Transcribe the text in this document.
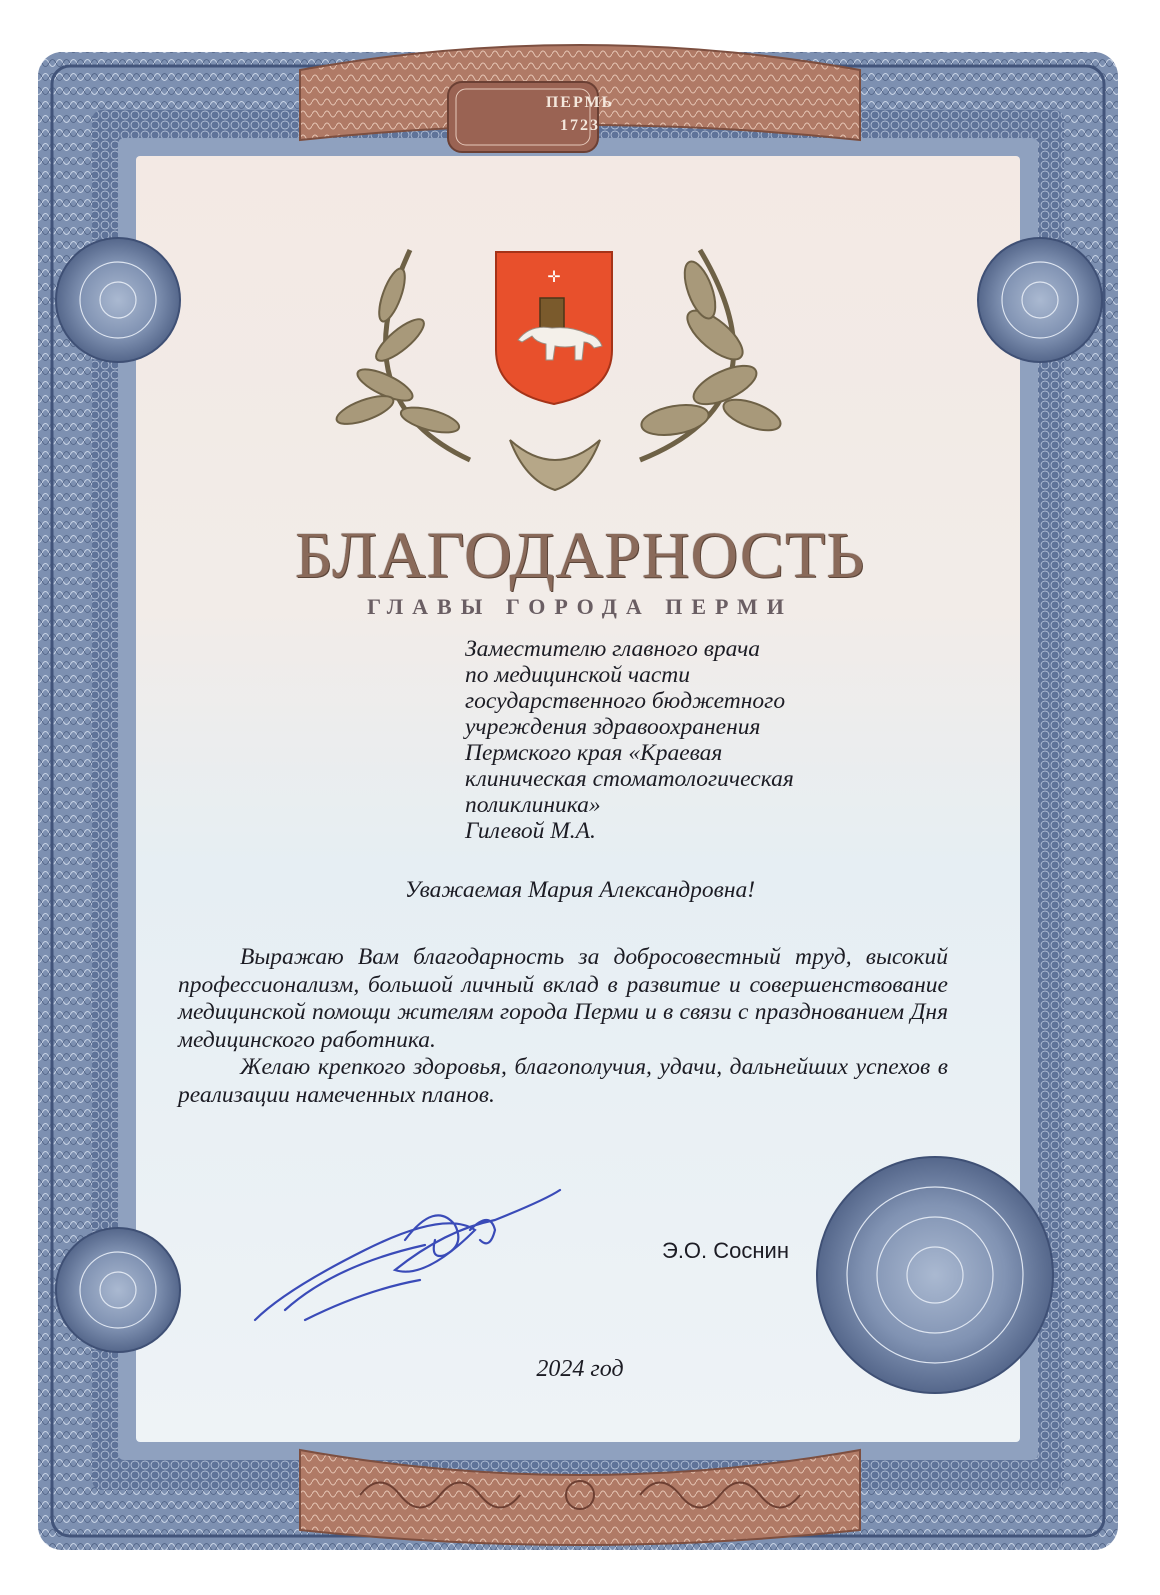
✛
ПЕРМЬ
1723
БЛАГОДАРНОСТЬ
ГЛАВЫ ГОРОДА ПЕРМИ
Заместителю главного врача
по медицинской части
государственного бюджетного
учреждения здравоохранения
Пермского края «Краевая
клиническая стоматологическая
поликлиника»
Гилевой М.А.
Уважаемая Мария Александровна!

Выражаю Вам благодарность за добросовестный труд, высокий профессионализм, большой личный вклад в развитие и совершенствование медицинской помощи жителям города Перми и в связи с празднованием Дня медицинского работника.

Желаю крепкого здоровья, благополучия, удачи, дальнейших успехов в реализации намеченных планов.

Э.О. Соснин
2024 год
